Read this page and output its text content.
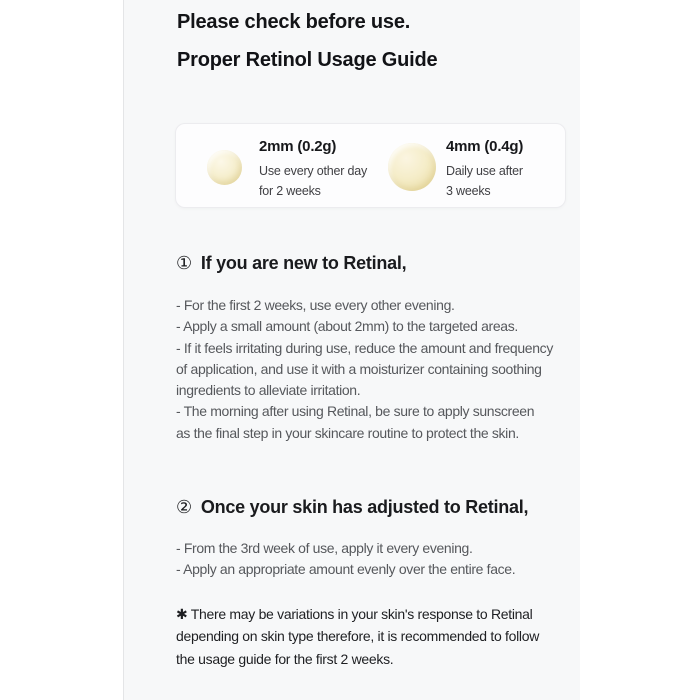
Please check before use.
Proper Retinol Usage Guide
2mm (0.2g)
Use every other day
for 2 weeks
4mm (0.4g)
Daily use after
3 weeks
① If you are new to Retinal,
- For the first 2 weeks, use every other evening.
- Apply a small amount (about 2mm) to the targeted areas.
- If it feels irritating during use, reduce the amount and frequency
of application, and use it with a moisturizer containing soothing
ingredients to alleviate irritation.
- The morning after using Retinal, be sure to apply sunscreen
as the final step in your skincare routine to protect the skin.
② Once your skin has adjusted to Retinal,
- From the 3rd week of use, apply it every evening.
- Apply an appropriate amount evenly over the entire face.
✱ There may be variations in your skin's response to Retinal
depending on skin type therefore, it is recommended to follow
the usage guide for the first 2 weeks.
